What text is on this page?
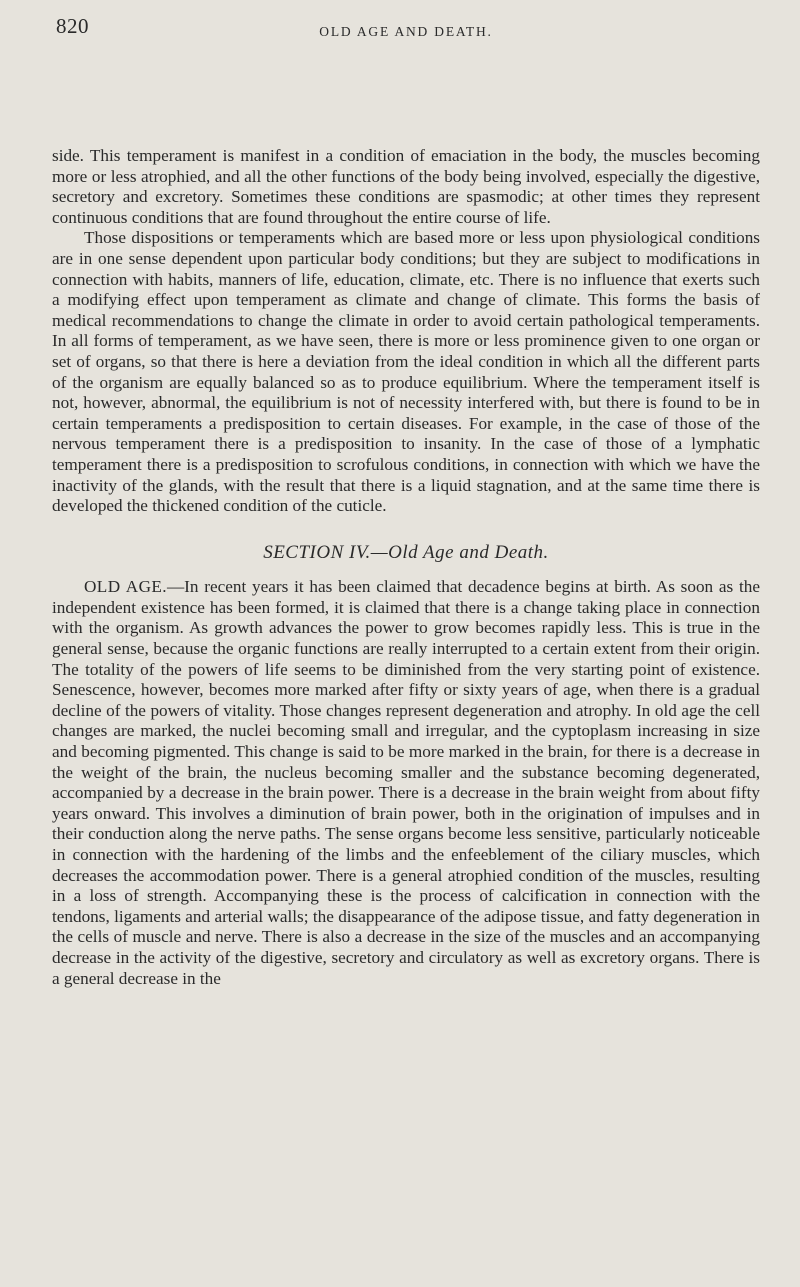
820	OLD AGE AND DEATH.

side. This temperament is manifest in a condition of emaciation in the body, the muscles becoming more or less atrophied, and all the other functions of the body being involved, especially the digestive, secretory and excretory. Sometimes these conditions are spasmodic; at other times they represent continuous conditions that are found throughout the entire course of life.

Those dispositions or temperaments which are based more or less upon physiological conditions are in one sense dependent upon particular body conditions; but they are subject to modifications in connection with habits, manners of life, education, climate, etc. There is no influence that exerts such a modifying effect upon temperament as climate and change of climate. This forms the basis of medical recommendations to change the climate in order to avoid certain pathological temperaments. In all forms of temperament, as we have seen, there is more or less prominence given to one organ or set of organs, so that there is here a deviation from the ideal condition in which all the different parts of the organism are equally balanced so as to produce equilibrium. Where the temperament itself is not, however, abnormal, the equilibrium is not of necessity interfered with, but there is found to be in certain temperaments a predisposition to certain diseases. For example, in the case of those of the nervous temperament there is a predisposition to insanity. In the case of those of a lymphatic temperament there is a predisposition to scrofulous conditions, in connection with which we have the inactivity of the glands, with the result that there is a liquid stagnation, and at the same time there is developed the thickened condition of the cuticle.

SECTION IV.—Old Age and Death.

OLD AGE.—In recent years it has been claimed that decadence begins at birth. As soon as the independent existence has been formed, it is claimed that there is a change taking place in connection with the organism. As growth advances the power to grow becomes rapidly less. This is true in the general sense, because the organic functions are really interrupted to a certain extent from their origin. The totality of the powers of life seems to be diminished from the very starting point of existence. Senescence, however, becomes more marked after fifty or sixty years of age, when there is a gradual decline of the powers of vitality. Those changes represent degeneration and atrophy. In old age the cell changes are marked, the nuclei becoming small and irregular, and the cyptoplasm increasing in size and becoming pigmented. This change is said to be more marked in the brain, for there is a decrease in the weight of the brain, the nucleus becoming smaller and the substance becoming degenerated, accompanied by a decrease in the brain power. There is a decrease in the brain weight from about fifty years onward. This involves a diminution of brain power, both in the origination of impulses and in their conduction along the nerve paths. The sense organs become less sensitive, particularly noticeable in connection with the hardening of the limbs and the enfeeblement of the ciliary muscles, which decreases the accommodation power. There is a general atrophied condition of the muscles, resulting in a loss of strength. Accompanying these is the process of calcification in connection with the tendons, ligaments and arterial walls; the disappearance of the adipose tissue, and fatty degeneration in the cells of muscle and nerve. There is also a decrease in the size of the muscles and an accompanying decrease in the activity of the digestive, secretory and circulatory as well as excretory organs. There is a general decrease in the
